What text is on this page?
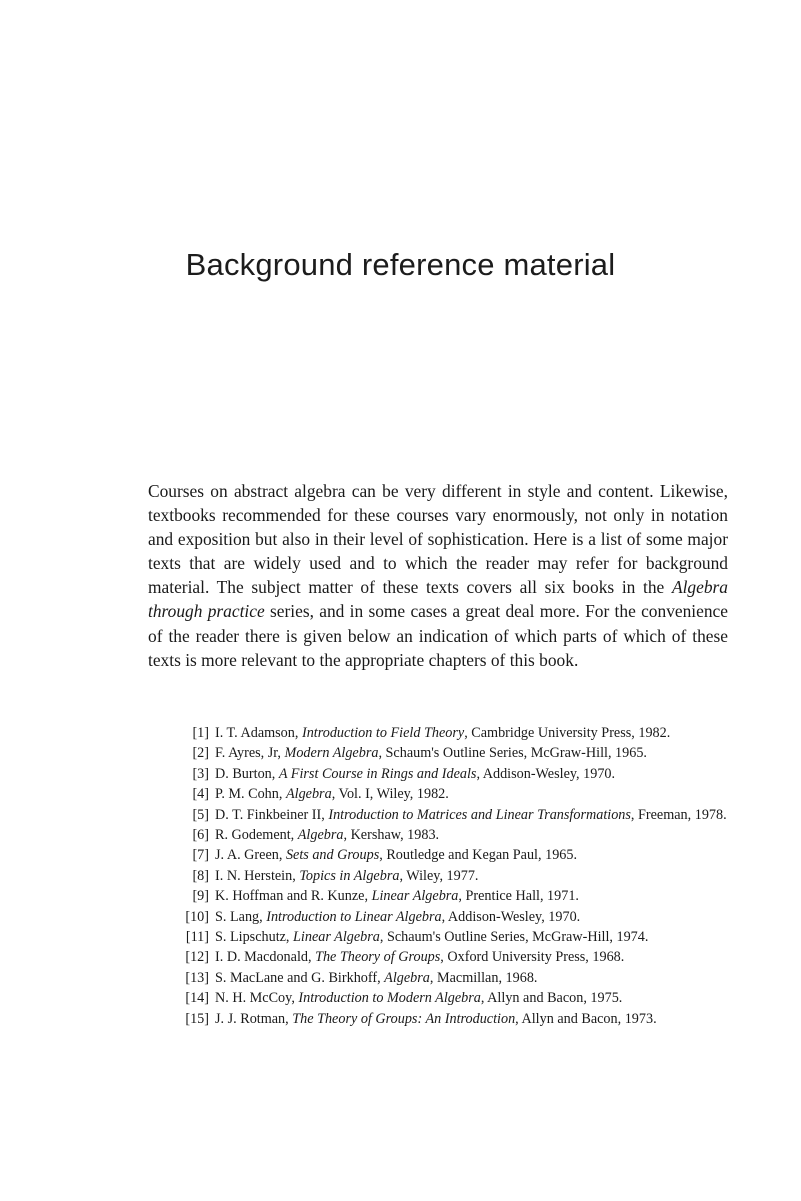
Background reference material

Courses on abstract algebra can be very different in style and content. Likewise, textbooks recommended for these courses vary enormously, not only in notation and exposition but also in their level of sophistication. Here is a list of some major texts that are widely used and to which the reader may refer for background material. The subject matter of these texts covers all six books in the Algebra through practice series, and in some cases a great deal more. For the convenience of the reader there is given below an indication of which parts of which of these texts is more relevant to the appropriate chapters of this book.

[1] I. T. Adamson, Introduction to Field Theory, Cambridge University Press, 1982.
[2] F. Ayres, Jr, Modern Algebra, Schaum's Outline Series, McGraw-Hill, 1965.
[3] D. Burton, A First Course in Rings and Ideals, Addison-Wesley, 1970.
[4] P. M. Cohn, Algebra, Vol. I, Wiley, 1982.
[5] D. T. Finkbeiner II, Introduction to Matrices and Linear Transformations, Freeman, 1978.
[6] R. Godement, Algebra, Kershaw, 1983.
[7] J. A. Green, Sets and Groups, Routledge and Kegan Paul, 1965.
[8] I. N. Herstein, Topics in Algebra, Wiley, 1977.
[9] K. Hoffman and R. Kunze, Linear Algebra, Prentice Hall, 1971.
[10] S. Lang, Introduction to Linear Algebra, Addison-Wesley, 1970.
[11] S. Lipschutz, Linear Algebra, Schaum's Outline Series, McGraw-Hill, 1974.
[12] I. D. Macdonald, The Theory of Groups, Oxford University Press, 1968.
[13] S. MacLane and G. Birkhoff, Algebra, Macmillan, 1968.
[14] N. H. McCoy, Introduction to Modern Algebra, Allyn and Bacon, 1975.
[15] J. J. Rotman, The Theory of Groups: An Introduction, Allyn and Bacon, 1973.
